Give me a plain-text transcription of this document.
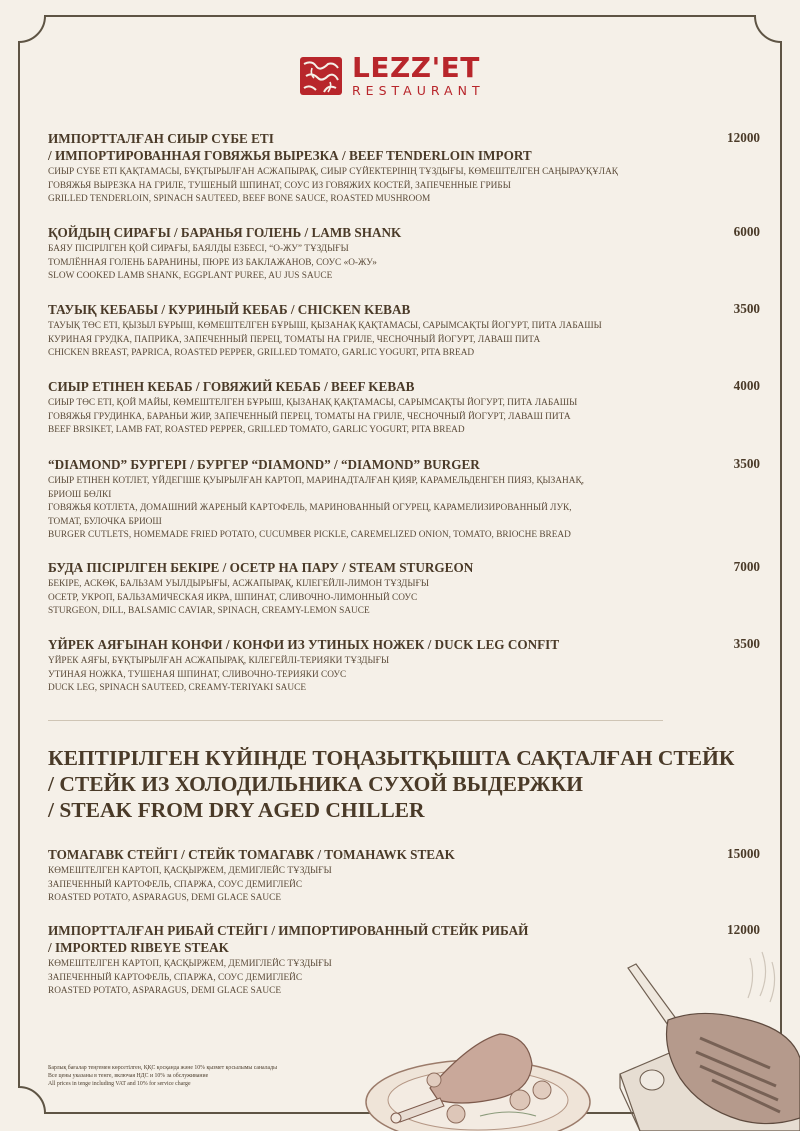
LEZZ'ET
RESTAURANT
ИМПОРТТАЛҒАН СИЫР СҮБЕ ЕТІ
/ ИМПОРТИРОВАННАЯ ГОВЯЖЬЯ ВЫРЕЗКА / BEEF TENDERLOIN IMPORT
12000
СИЫР СҮБЕ ЕТІ ҚАҚТАМАСЫ, БҰҚТЫРЫЛҒАН АСЖАПЫРАҚ, СИЫР СҮЙЕКТЕРІНІҢ ТҰЗДЫҒЫ, КӨМЕШТЕЛГЕН САҢЫРАУҚҰЛАҚ
ГОВЯЖЬЯ ВЫРЕЗКА НА ГРИЛЕ, ТУШЕНЫЙ ШПИНАТ, СОУС ИЗ ГОВЯЖИХ КОСТЕЙ, ЗАПЕЧЕННЫЕ ГРИБЫ
GRILLED TENDERLOIN, SPINACH SAUTEED, BEEF BONE SAUCE, ROASTED MUSHROOM
ҚОЙДЫҢ СИРАҒЫ / БАРАНЬЯ ГОЛЕНЬ / LAMB SHANK	6000
БАЯУ ПІСІРІЛГЕН ҚОЙ СИРАҒЫ, БАЯЛДЫ ЕЗБЕСІ, “О-ЖУ” ТҰЗДЫҒЫ
ТОМЛЁННАЯ ГОЛЕНЬ БАРАНИНЫ, ПЮРЕ ИЗ БАКЛАЖАНОВ, СОУС «О-ЖУ»
SLOW COOKED LAMB SHANK, EGGPLANT PUREE, AU JUS SAUCE
ТАУЫҚ КЕБАБЫ / КУРИНЫЙ КЕБАБ / CHICKEN KEBAB	3500
ТАУЫҚ ТӨС ЕТІ, ҚЫЗЫЛ БҰРЫШ, КӨМЕШТЕЛГЕН БҰРЫШ, ҚЫЗАНАҚ ҚАҚТАМАСЫ, САРЫМСАҚТЫ ЙОГУРТ, ПИТА ЛАБАШЫ
КУРИНАЯ ГРУДКА, ПАПРИКА, ЗАПЕЧЕННЫЙ ПЕРЕЦ, ТОМАТЫ НА ГРИЛЕ, ЧЕСНОЧНЫЙ ЙОГУРТ, ЛАВАШ ПИТА
CHICKEN BREAST, PAPRICA, ROASTED PEPPER, GRILLED TOMATO, GARLIC YOGURT, PITA BREAD
СИЫР ЕТІНЕН КЕБАБ / ГОВЯЖИЙ КЕБАБ / BEEF KEBAB	4000
СИЫР ТӨС ЕТІ, ҚОЙ МАЙЫ, КӨМЕШТЕЛГЕН БҰРЫШ, ҚЫЗАНАҚ ҚАҚТАМАСЫ, САРЫМСАҚТЫ ЙОГУРТ, ПИТА ЛАБАШЫ
ГОВЯЖЬЯ ГРУДИНКА, БАРАНЬИ ЖИР, ЗАПЕЧЕННЫЙ ПЕРЕЦ, ТОМАТЫ НА ГРИЛЕ, ЧЕСНОЧНЫЙ ЙОГУРТ, ЛАВАШ ПИТА
BEEF BRSIKET, LAMB FAT, ROASTED PEPPER, GRILLED TOMATO, GARLIC YOGURT, PITA BREAD
“DIAMOND” БУРГЕРІ / БУРГЕР “DIAMOND” / “DIAMOND” BURGER	3500
СИЫР ЕТІНЕН КОТЛЕТ, ҮЙДЕГІШЕ ҚУЫРЫЛҒАН КАРТОП, МАРИНАДТАЛҒАН ҚИЯР, КАРАМЕЛЬДЕНГЕН ПИЯЗ, ҚЫЗАНАҚ,
БРИОШ БӨЛКІ
ГОВЯЖЬЯ КОТЛЕТА, ДОМАШНИЙ ЖАРЕНЫЙ КАРТОФЕЛЬ, МАРИНОВАННЫЙ ОГУРЕЦ, КАРАМЕЛИЗИРОВАННЫЙ ЛУК,
ТОМАТ, БУЛОЧКА БРИОШ
BURGER CUTLETS, HOMEMADE FRIED POTATO, CUCUMBER PICKLE, CAREMELIZED ONION, TOMATO, BRIOCHE BREAD
БУДА ПІСІРІЛГЕН БЕКІРЕ / ОСЕТР НА ПАРУ / STEAM STURGEON	7000
БЕКІРЕ, АСКӨК, БАЛЬЗАМ УЫЛДЫРЫҒЫ, АСЖАПЫРАҚ, КІЛЕГЕЙЛІ-ЛИМОН ТҰЗДЫҒЫ
ОСЕТР, УКРОП, БАЛЬЗАМИЧЕСКАЯ ИКРА, ШПИНАТ, СЛИВОЧНО-ЛИМОННЫЙ СОУС
STURGEON, DILL, BALSAMIC CAVIAR, SPINACH, CREAMY-LEMON SAUCE
ҮЙРЕК АЯҒЫНАН КОНФИ / КОНФИ ИЗ УТИНЫХ НОЖЕК / DUCK LEG CONFIT	3500
ҮЙРЕК АЯҒЫ, БҰҚТЫРЫЛҒАН АСЖАПЫРАҚ, КІЛЕГЕЙЛІ-ТЕРИЯКИ ТҰЗДЫҒЫ
УТИНАЯ НОЖКА, ТУШЕНАЯ ШПИНАТ, СЛИВОЧНО-ТЕРИЯКИ СОУС
DUCK LEG, SPINACH SAUTEED, CREAMY-TERIYAKI SAUCE
КЕПТІРІЛГЕН КҮЙІНДЕ ТОҢАЗЫТҚЫШТА САҚТАЛҒАН СТЕЙК
/ СТЕЙК ИЗ ХОЛОДИЛЬНИКА СУХОЙ ВЫДЕРЖКИ
/ STEAK FROM DRY AGED CHILLER
ТОМАГАВК СТЕЙГІ / СТЕЙК ТОМАГАВК / TOMAHAWK STEAK	15000
КӨМЕШТЕЛГЕН КАРТОП, ҚАСҚЫРЖЕМ, ДЕМИГЛЕЙС ТҰЗДЫҒЫ
ЗАПЕЧЕННЫЙ КАРТОФЕЛЬ, СПАРЖА, СОУС ДЕМИГЛЕЙС
ROASTED POTATO, ASPARAGUS, DEMI GLACE SAUCE
ИМПОРТТАЛҒАН РИБАЙ СТЕЙГІ / ИМПОРТИРОВАННЫЙ СТЕЙК РИБАЙ
/ IMPORTED RIBEYE STEAK
12000
КӨМЕШТЕЛГЕН КАРТОП, ҚАСҚЫРЖЕМ, ДЕМИГЛЕЙС ТҰЗДЫҒЫ
ЗАПЕЧЕННЫЙ КАРТОФЕЛЬ, СПАРЖА, СОУС ДЕМИГЛЕЙС
ROASTED POTATO, ASPARAGUS, DEMI GLACE SAUCE
Барлық бағалар теңгемен көрсетілген, ҚҚС қосқанда және 10% қызмет қосылымы саналады
Все цены указаны в тенге, включая НДС и 10% за обслуживание
All prices in tenge including VAT and 10% for service charge
